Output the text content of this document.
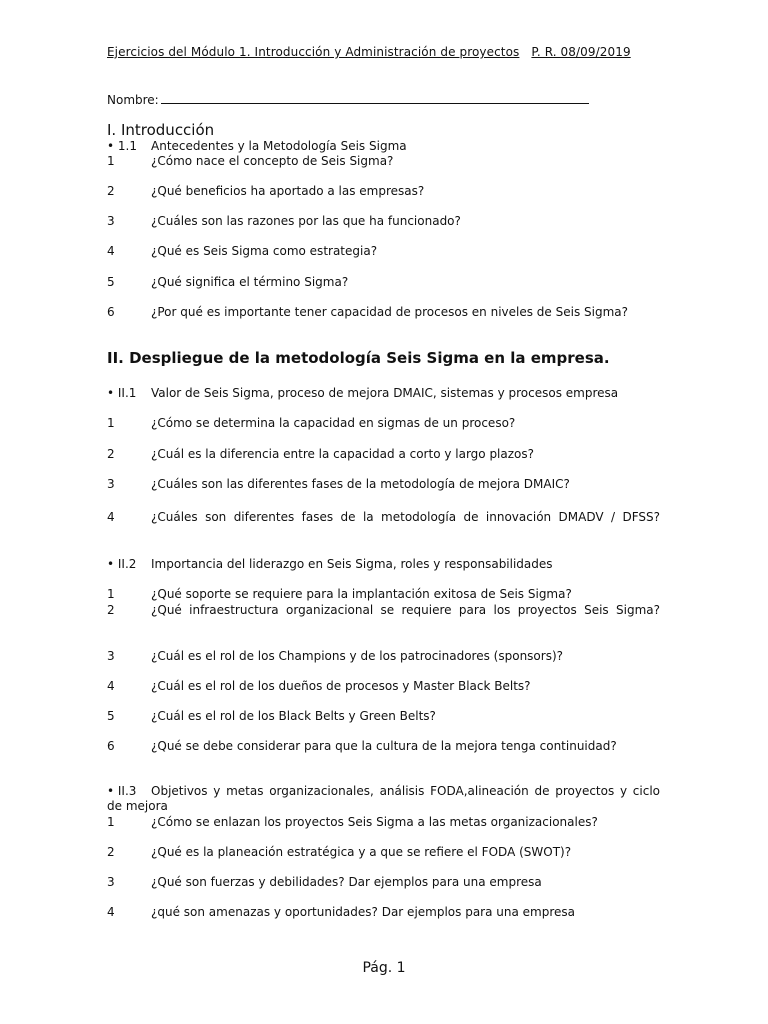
Ejercicios del Módulo 1. Introducción y Administración de proyectos P. R. 08/09/2019
Nombre:
I. Introducción
• 1.1 Antecedentes y la Metodología Seis Sigma
1	¿Cómo nace el concepto de Seis Sigma?
2	¿Qué beneficios ha aportado a las empresas?
3	¿Cuáles son las razones por las que ha funcionado?
4	¿Qué es Seis Sigma como estrategia?
5	¿Qué significa el término Sigma?
6	¿Por qué es importante tener capacidad de procesos en niveles de Seis Sigma?
II. Despliegue de la metodología Seis Sigma en la empresa.
• II.1 Valor de Seis Sigma, proceso de mejora DMAIC, sistemas y procesos empresa
1	¿Cómo se determina la capacidad en sigmas de un proceso?
2	¿Cuál es la diferencia entre la capacidad a corto y largo plazos?
3	¿Cuáles son las diferentes fases de la metodología de mejora DMAIC?
4	¿Cuáles son diferentes fases de la metodología de innovación DMADV / DFSS?
• II.2 Importancia del liderazgo en Seis Sigma, roles y responsabilidades
1	¿Qué soporte se requiere para la implantación exitosa de Seis Sigma?
2	¿Qué infraestructura organizacional se requiere para los proyectos Seis Sigma?
3	¿Cuál es el rol de los Champions y de los patrocinadores (sponsors)?
4	¿Cuál es el rol de los dueños de procesos y Master Black Belts?
5	¿Cuál es el rol de los Black Belts y Green Belts?
6	¿Qué se debe considerar para que la cultura de la mejora tenga continuidad?
• II.3 Objetivos y metas organizacionales, análisis FODA,alineación de proyectos y ciclo de mejora
1	¿Cómo se enlazan los proyectos Seis Sigma a las metas organizacionales?
2	¿Qué es la planeación estratégica y a que se refiere el FODA (SWOT)?
3	¿Qué son fuerzas y debilidades? Dar ejemplos para una empresa
4	¿qué son amenazas y oportunidades? Dar ejemplos para una empresa
Pág. 1
